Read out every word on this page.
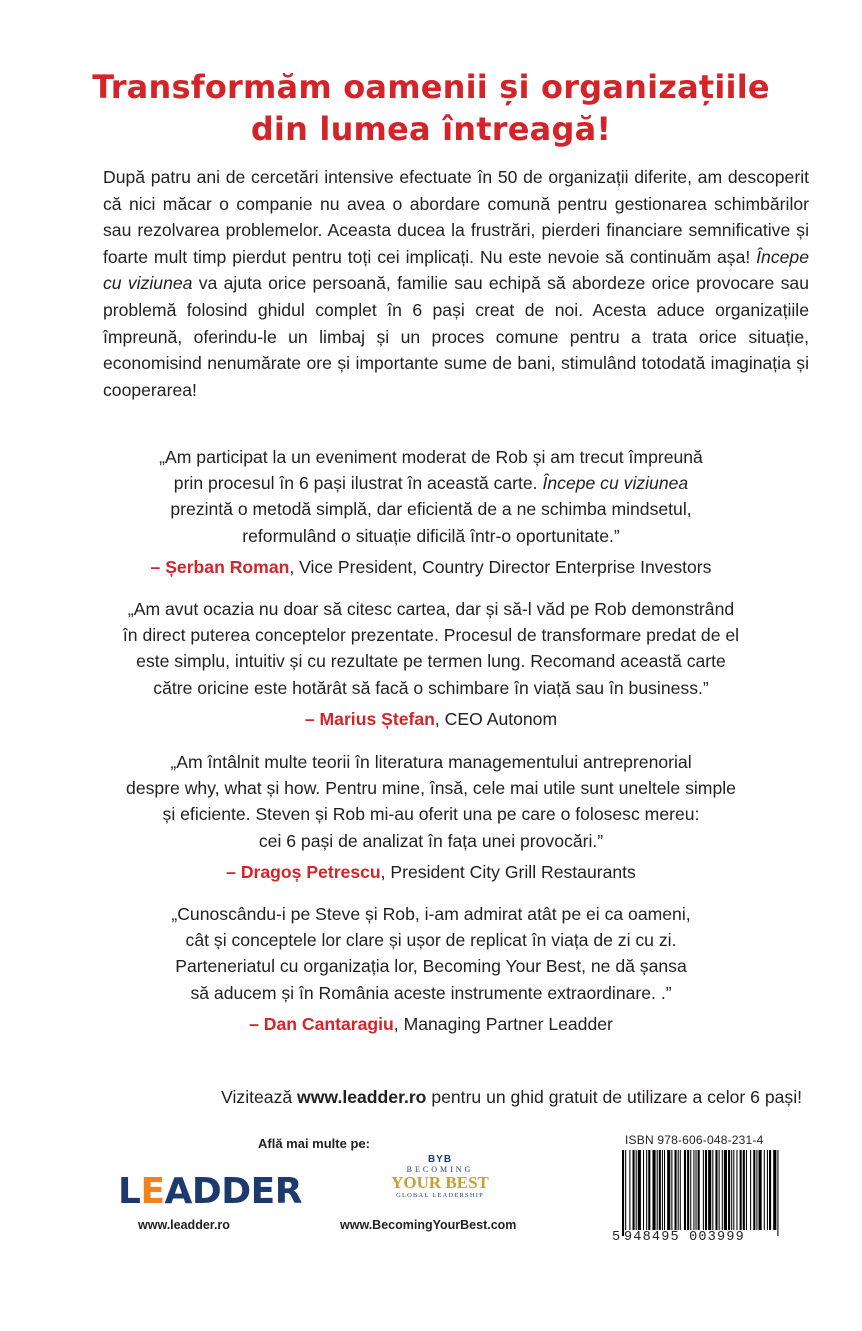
Transformăm oamenii și organizațiile
din lumea întreagă!

După patru ani de cercetări intensive efectuate în 50 de organizații diferite, am descoperit că nici măcar o companie nu avea o abordare comună pentru gestionarea schimbărilor sau rezolvarea problemelor. Aceasta ducea la frustrări, pierderi financiare semnificative și foarte mult timp pierdut pentru toți cei implicați. Nu este nevoie să continuăm așa! Începe cu viziunea va ajuta orice persoană, familie sau echipă să abordeze orice provocare sau problemă folosind ghidul complet în 6 pași creat de noi. Acesta aduce organizațiile împreună, oferindu-le un limbaj și un proces comune pentru a trata orice situație, economisind nenumărate ore și importante sume de bani, stimulând totodată imaginația și cooperarea!

„Am participat la un eveniment moderat de Rob și am trecut împreună
prin procesul în 6 pași ilustrat în această carte. Începe cu viziunea
prezintă o metodă simplă, dar eficientă de a ne schimba mindsetul,
reformulând o situație dificilă într-o oportunitate.”

– Șerban Roman, Vice President, Country Director Enterprise Investors

„Am avut ocazia nu doar să citesc cartea, dar și să-l văd pe Rob demonstrând
în direct puterea conceptelor prezentate. Procesul de transformare predat de el
este simplu, intuitiv și cu rezultate pe termen lung. Recomand această carte
către oricine este hotărât să facă o schimbare în viață sau în business.”

– Marius Ștefan, CEO Autonom

„Am întâlnit multe teorii în literatura managementului antreprenorial
despre why, what și how. Pentru mine, însă, cele mai utile sunt uneltele simple
și eficiente. Steven și Rob mi-au oferit una pe care o folosesc mereu:
cei 6 pași de analizat în fața unei provocări.”

– Dragoș Petrescu, President City Grill Restaurants

„Cunoscându-i pe Steve și Rob, i-am admirat atât pe ei ca oameni,
cât și conceptele lor clare și ușor de replicat în viața de zi cu zi.
Parteneriatul cu organizația lor, Becoming Your Best, ne dă șansa
să aducem și în România aceste instrumente extraordinare. .”

– Dan Cantaragiu, Managing Partner Leadder

Vizitează www.leadder.ro pentru un ghid gratuit de utilizare a celor 6 pași!
Află mai multe pe:
LEADDER
www.leadder.ro
BYB
BECOMING
YOUR BEST
GLOBAL LEADERSHIP
www.BecomingYourBest.com
ISBN 978-606-048-231-4
5 948495 003999
